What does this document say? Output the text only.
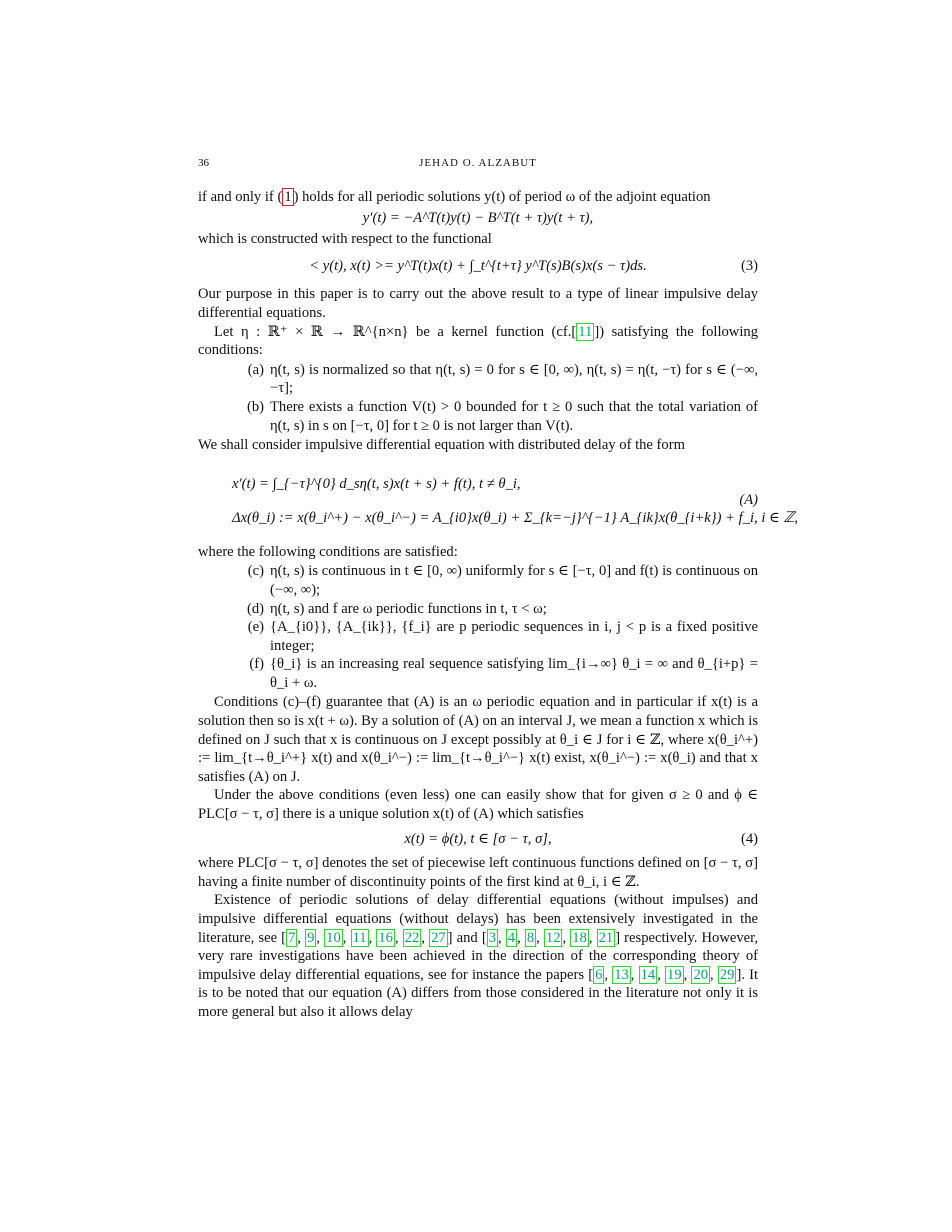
36	JEHAD O. ALZABUT

if and only if ( 1 ) holds for all periodic solutions y(t) of period ω of the adjoint equation

y′(t) = −A^T(t)y(t) − B^T(t + τ)y(t + τ),

which is constructed with respect to the functional

< y(t), x(t) >= y^T(t)x(t) + ∫_t^{t+τ} y^T(s)B(s)x(s − τ)ds.	(3)

Our purpose in this paper is to carry out the above result to a type of linear impulsive delay differential equations.

Let η : ℝ⁺ × ℝ → ℝ^{n×n} be a kernel function (cf.[ 11 ]) satisfying the following conditions:

(a) η(t, s) is normalized so that η(t, s) = 0 for s ∈ [0, ∞), η(t, s) = η(t, −τ) for s ∈ (−∞, −τ];
(b) There exists a function V(t) > 0 bounded for t ≥ 0 such that the total variation of η(t, s) in s on [−τ, 0] for t ≥ 0 is not larger than V(t).

We shall consider impulsive differential equation with distributed delay of the form

x′(t) = ∫_{−τ}^{0} d_sη(t, s)x(t + s) + f(t), t ≠ θ_i,
Δx(θ_i) := x(θ_i^+) − x(θ_i^−) = A_{i0}x(θ_i) + Σ_{k=−j}^{−1} A_{ik}x(θ_{i+k}) + f_i, i ∈ ℤ,
(A)

where the following conditions are satisfied:

(c) η(t, s) is continuous in t ∈ [0, ∞) uniformly for s ∈ [−τ, 0] and f(t) is continuous on (−∞, ∞);
(d) η(t, s) and f are ω periodic functions in t, τ < ω;
(e) {A_{i0}}, {A_{ik}}, {f_i} are p periodic sequences in i, j < p is a fixed positive integer;
(f) {θ_i} is an increasing real sequence satisfying lim_{i→∞} θ_i = ∞ and θ_{i+p} = θ_i + ω.

Conditions (c)–(f) guarantee that (A) is an ω periodic equation and in particular if x(t) is a solution then so is x(t + ω). By a solution of (A) on an interval J, we mean a function x which is defined on J such that x is continuous on J except possibly at θ_i ∈ J for i ∈ ℤ, where x(θ_i^+) := lim_{t→θ_i^+} x(t) and x(θ_i^−) := lim_{t→θ_i^−} x(t) exist, x(θ_i^−) := x(θ_i) and that x satisfies (A) on J.

Under the above conditions (even less) one can easily show that for given σ ≥ 0 and ϕ ∈ PLC[σ − τ, σ] there is a unique solution x(t) of (A) which satisfies

x(t) = ϕ(t), t ∈ [σ − τ, σ],	(4)

where PLC[σ − τ, σ] denotes the set of piecewise left continuous functions defined on [σ − τ, σ] having a finite number of discontinuity points of the first kind at θ_i, i ∈ ℤ.

Existence of periodic solutions of delay differential equations (without impulses) and impulsive differential equations (without delays) has been extensively investigated in the literature, see [ 7 , 9 , 10 , 11 , 16 , 22 , 27 ] and [ 3 , 4 , 8 , 12 , 18 , 21 ] respectively. However, very rare investigations have been achieved in the direction of the corresponding theory of impulsive delay differential equations, see for instance the papers [ 6 , 13 , 14 , 19 , 20 , 29 ]. It is to be noted that our equation (A) differs from those considered in the literature not only it is more general but also it allows delay
